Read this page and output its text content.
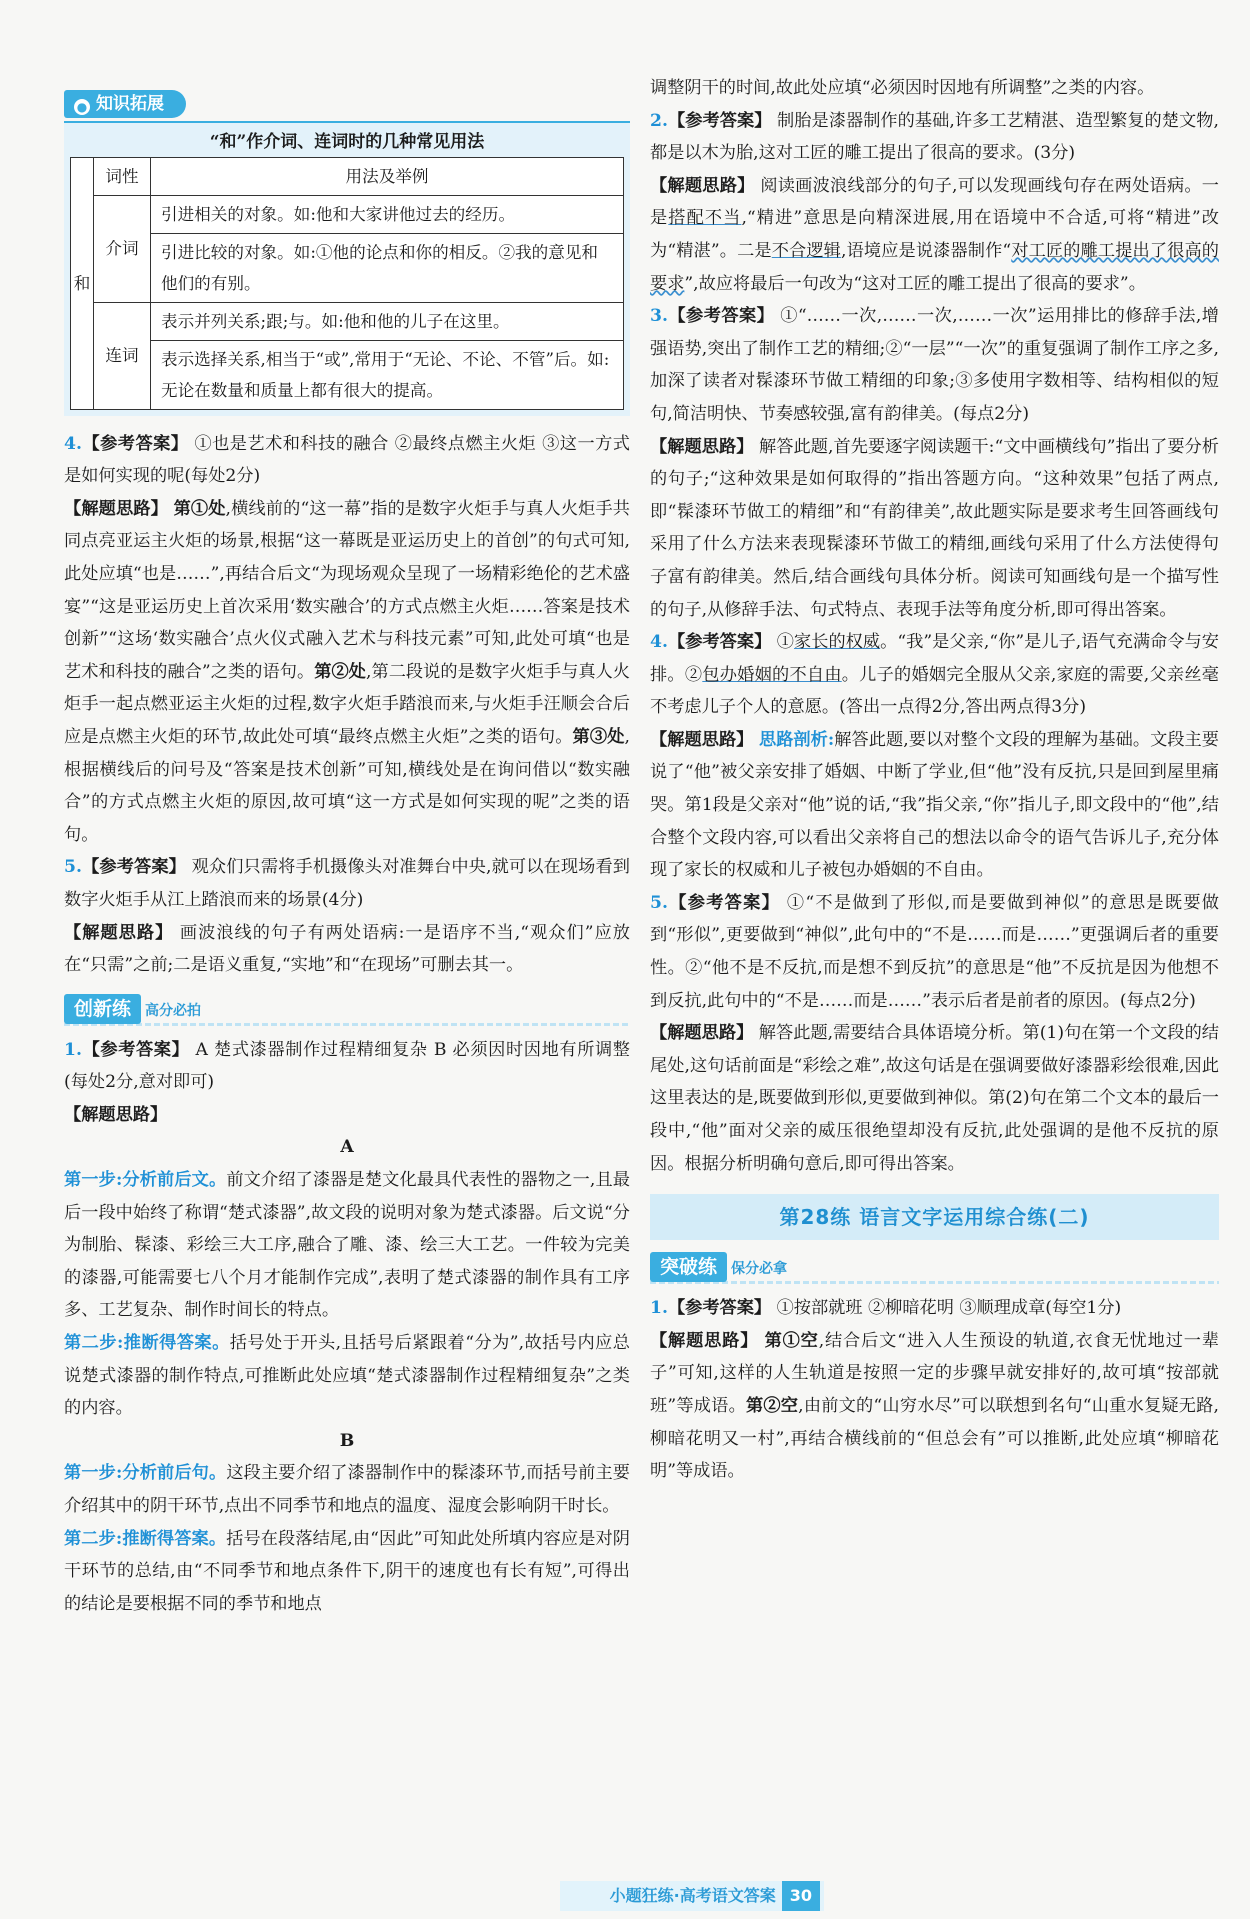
● 知识拓展
“和”作介词、连词时的几种常见用法
和	词性	用法及举例
	介词	引进相关的对象。如:他和大家讲他过去的经历。
		引进比较的对象。如:①他的论点和你的相反。②我的意见和他们的有别。
	连词	表示并列关系;跟;与。如:他和他的儿子在这里。
		表示选择关系,相当于“或”,常用于“无论、不论、不管”后。如:无论在数量和质量上都有很大的提高。

4.【参考答案】 ①也是艺术和科技的融合 ②最终点燃主火炬 ③这一方式是如何实现的呢(每处2分)

【解题思路】 第①处,横线前的“这一幕”指的是数字火炬手与真人火炬手共同点亮亚运主火炬的场景,根据“这一幕既是亚运历史上的首创”的句式可知,此处应填“也是……”,再结合后文“为现场观众呈现了一场精彩绝伦的艺术盛宴”“这是亚运历史上首次采用‘数实融合’的方式点燃主火炬……答案是技术创新”“这场‘数实融合’点火仪式融入艺术与科技元素”可知,此处可填“也是艺术和科技的融合”之类的语句。第②处,第二段说的是数字火炬手与真人火炬手一起点燃亚运主火炬的过程,数字火炬手踏浪而来,与火炬手汪顺会合后应是点燃主火炬的环节,故此处可填“最终点燃主火炬”之类的语句。第③处,根据横线后的问号及“答案是技术创新”可知,横线处是在询问借以“数实融合”的方式点燃主火炬的原因,故可填“这一方式是如何实现的呢”之类的语句。

5.【参考答案】 观众们只需将手机摄像头对准舞台中央,就可以在现场看到数字火炬手从江上踏浪而来的场景(4分)

【解题思路】 画波浪线的句子有两处语病:一是语序不当,“观众们”应放在“只需”之前;二是语义重复,“实地”和“在现场”可删去其一。

创新练 高分必拍

1.【参考答案】 A 楚式漆器制作过程精细复杂 B 必须因时因地有所调整(每处2分,意对即可)

【解题思路】

A

第一步:分析前后文。前文介绍了漆器是楚文化最具代表性的器物之一,且最后一段中始终了称谓“楚式漆器”,故文段的说明对象为楚式漆器。后文说“分为制胎、髹漆、彩绘三大工序,融合了雕、漆、绘三大工艺。一件较为完美的漆器,可能需要七八个月才能制作完成”,表明了楚式漆器的制作具有工序多、工艺复杂、制作时间长的特点。

第二步:推断得答案。括号处于开头,且括号后紧跟着“分为”,故括号内应总说楚式漆器的制作特点,可推断此处应填“楚式漆器制作过程精细复杂”之类的内容。

B

第一步:分析前后句。这段主要介绍了漆器制作中的髹漆环节,而括号前主要介绍其中的阴干环节,点出不同季节和地点的温度、湿度会影响阴干时长。

第二步:推断得答案。括号在段落结尾,由“因此”可知此处所填内容应是对阴干环节的总结,由“不同季节和地点条件下,阴干的速度也有长有短”,可得出的结论是要根据不同的季节和地点

调整阴干的时间,故此处应填“必须因时因地有所调整”之类的内容。

2.【参考答案】 制胎是漆器制作的基础,许多工艺精湛、造型繁复的楚文物,都是以木为胎,这对工匠的雕工提出了很高的要求。(3分)

【解题思路】 阅读画波浪线部分的句子,可以发现画线句存在两处语病。一是搭配不当,“精进”意思是向精深进展,用在语境中不合适,可将“精进”改为“精湛”。二是不合逻辑,语境应是说漆器制作“对工匠的雕工提出了很高的要求”,故应将最后一句改为“这对工匠的雕工提出了很高的要求”。

3.【参考答案】 ①“……一次,……一次,……一次”运用排比的修辞手法,增强语势,突出了制作工艺的精细;②“一层”“一次”的重复强调了制作工序之多,加深了读者对髹漆环节做工精细的印象;③多使用字数相等、结构相似的短句,简洁明快、节奏感较强,富有韵律美。(每点2分)

【解题思路】 解答此题,首先要逐字阅读题干:“文中画横线句”指出了要分析的句子;“这种效果是如何取得的”指出答题方向。“这种效果”包括了两点,即“髹漆环节做工的精细”和“有韵律美”,故此题实际是要求考生回答画线句采用了什么方法来表现髹漆环节做工的精细,画线句采用了什么方法使得句子富有韵律美。然后,结合画线句具体分析。阅读可知画线句是一个描写性的句子,从修辞手法、句式特点、表现手法等角度分析,即可得出答案。

4.【参考答案】 ①家长的权威。“我”是父亲,“你”是儿子,语气充满命令与安排。②包办婚姻的不自由。儿子的婚姻完全服从父亲,家庭的需要,父亲丝毫不考虑儿子个人的意愿。(答出一点得2分,答出两点得3分)

【解题思路】 思路剖析:解答此题,要以对整个文段的理解为基础。文段主要说了“他”被父亲安排了婚姻、中断了学业,但“他”没有反抗,只是回到屋里痛哭。第1段是父亲对“他”说的话,“我”指父亲,“你”指儿子,即文段中的“他”,结合整个文段内容,可以看出父亲将自己的想法以命令的语气告诉儿子,充分体现了家长的权威和儿子被包办婚姻的不自由。

5.【参考答案】 ①“不是做到了形似,而是要做到神似”的意思是既要做到“形似”,更要做到“神似”,此句中的“不是……而是……”更强调后者的重要性。②“他不是不反抗,而是想不到反抗”的意思是“他”不反抗是因为他想不到反抗,此句中的“不是……而是……”表示后者是前者的原因。(每点2分)

【解题思路】 解答此题,需要结合具体语境分析。第(1)句在第一个文段的结尾处,这句话前面是“彩绘之难”,故这句话是在强调要做好漆器彩绘很难,因此这里表达的是,既要做到形似,更要做到神似。第(2)句在第二个文本的最后一段中,“他”面对父亲的威压很绝望却没有反抗,此处强调的是他不反抗的原因。根据分析明确句意后,即可得出答案。

第28练 语言文字运用综合练(二)
突破练 保分必拿

1.【参考答案】 ①按部就班 ②柳暗花明 ③顺理成章(每空1分)

【解题思路】 第①空,结合后文“进入人生预设的轨道,衣食无忧地过一辈子”可知,这样的人生轨道是按照一定的步骤早就安排好的,故可填“按部就班”等成语。第②空,由前文的“山穷水尽”可以联想到名句“山重水复疑无路,柳暗花明又一村”,再结合横线前的“但总会有”可以推断,此处应填“柳暗花明”等成语。

小题狂练·高考语文答案 30
